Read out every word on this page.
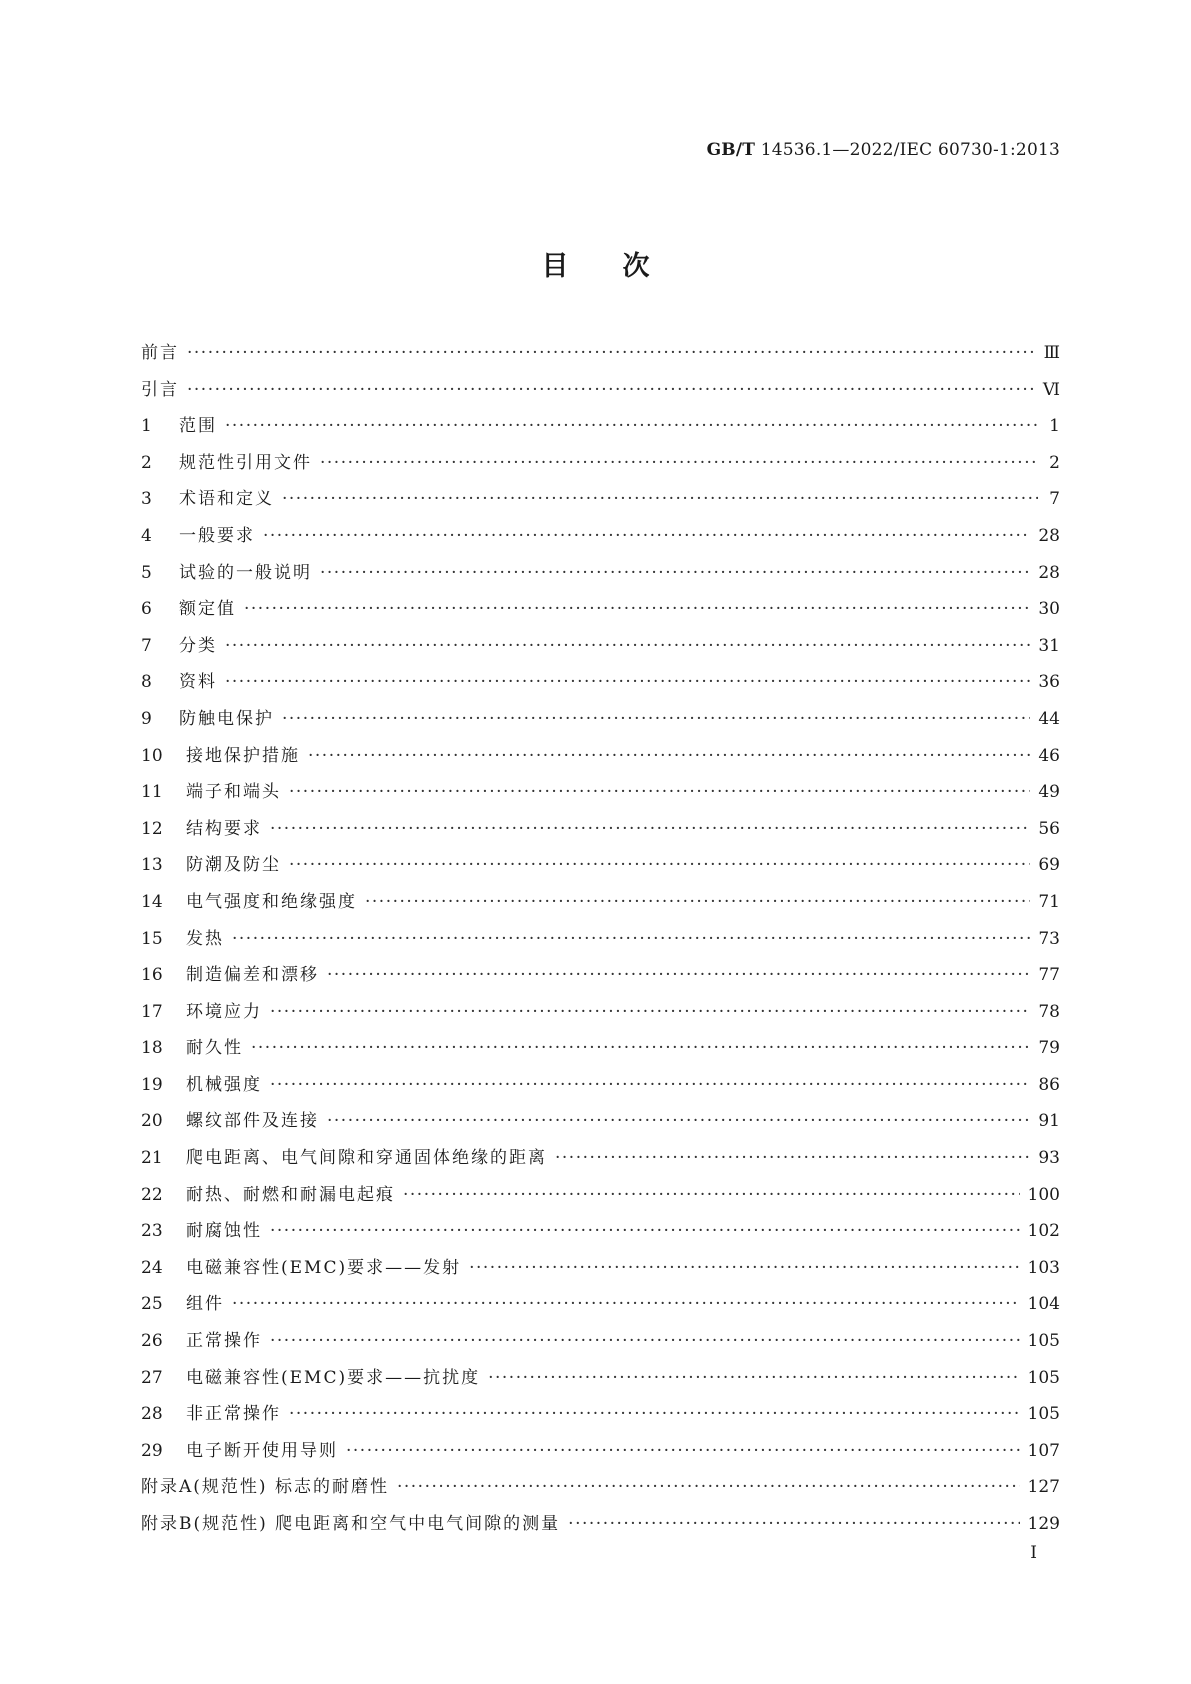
GB/T 14536.1—2022/IEC 60730-1:2013
目次
前言 ·····	Ⅲ
引言 ·····	Ⅵ
1	范围 ·····	1
2	规范性引用文件 ·····	2
3	术语和定义 ·····	7
4	一般要求 ·····	28
5	试验的一般说明 ·····	28
6	额定值 ·····	30
7	分类 ·····	31
8	资料 ·····	36
9	防触电保护 ·····	44
10	接地保护措施 ·····	46
11	端子和端头 ·····	49
12	结构要求 ·····	56
13	防潮及防尘 ·····	69
14	电气强度和绝缘强度 ·····	71
15	发热 ·····	73
16	制造偏差和漂移 ·····	77
17	环境应力 ·····	78
18	耐久性 ·····	79
19	机械强度 ·····	86
20	螺纹部件及连接 ·····	91
21	爬电距离、电气间隙和穿通固体绝缘的距离 ·····	93
22	耐热、耐燃和耐漏电起痕 ·····	100
23	耐腐蚀性 ·····	102
24	电磁兼容性(EMC)要求——发射 ·····	103
25	组件 ·····	104
26	正常操作 ·····	105
27	电磁兼容性(EMC)要求——抗扰度 ·····	105
28	非正常操作 ·····	105
29	电子断开使用导则 ·····	107
附录A(规范性) 标志的耐磨性 ·····	127
附录B(规范性) 爬电距离和空气中电气间隙的测量 ·····	129
I
